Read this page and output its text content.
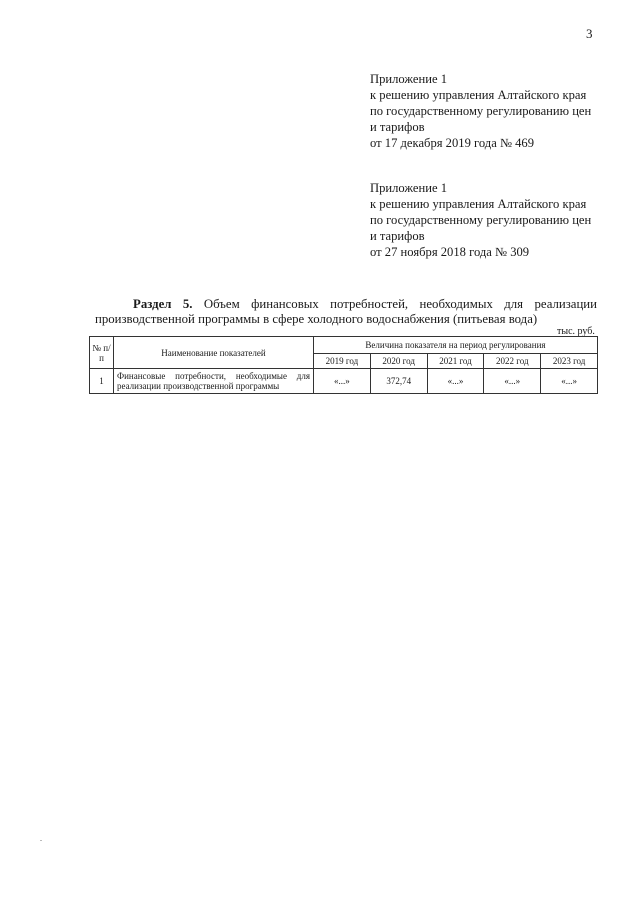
3
Приложение 1
к решению управления Алтайского края
по государственному регулированию цен
и тарифов
от 17 декабря 2019 года № 469
Приложение 1
к решению управления Алтайского края
по государственному регулированию цен
и тарифов
от 27 ноября 2018 года № 309
Раздел 5. Объем финансовых потребностей, необходимых для реализации
производственной программы в сфере холодного водоснабжения (питьевая вода)
тыс. руб.
№ п/п	Наименование показателей	Величина показателя на период регулирования				
		2019 год	2020 год	2021 год	2022 год	2023 год
1	Финансовые потребности, необходимые для реализации производственной программы	«...»	372,74	«...»	«...»	«...»
